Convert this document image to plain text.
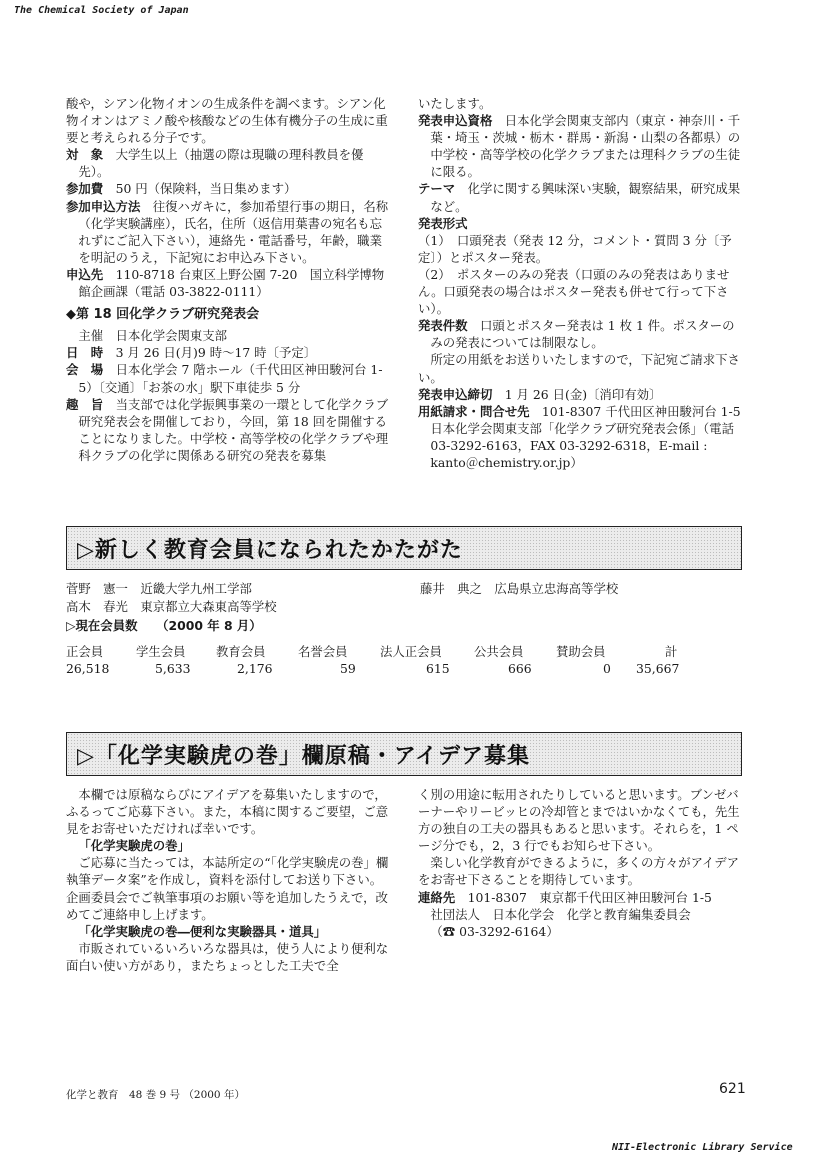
The Chemical Society of Japan

酸や，シアン化物イオンの生成条件を調べます。シアン化物イオンはアミノ酸や核酸などの生体有機分子の生成に重要と考えられる分子です。

対　象　 大学生以上（抽選の際は現職の理科教員を優先）。

参加費　 50 円（保険料，当日集めます）

参加申込方法　 往復ハガキに，参加希望行事の期日，名称（化学実験講座），氏名，住所（返信用葉書の宛名も忘れずにご記入下さい），連絡先・電話番号，年齢，職業を明記のうえ，下記宛にお申込み下さい。

申込先　 110-8718 台東区上野公園 7-20　国立科学博物館企画課（電話 03-3822-0111）

◆第 18 回化学クラブ研究発表会

主催　日本化学会関東支部

日　時　 3 月 26 日(月)9 時～17 時〔予定〕

会　場　 日本化学会 7 階ホール（千代田区神田駿河台 1-5）〔交通〕「お茶の水」駅下車徒歩 5 分

趣　旨　 当支部では化学振興事業の一環として化学クラブ研究発表会を開催しており，今回，第 18 回を開催することになりました。中学校・高等学校の化学クラブや理科クラブの化学に関係ある研究の発表を募集

いたします。

発表申込資格　 日本化学会関東支部内（東京・神奈川・千葉・埼玉・茨城・栃木・群馬・新潟・山梨の各都県）の中学校・高等学校の化学クラブまたは理科クラブの生徒に限る。

テーマ　 化学に関する興味深い実験，観察結果，研究成果など。

発表形式

（1）　口頭発表（発表 12 分，コメント・質問 3 分〔予定〕）とポスター発表。

（2）　ポスターのみの発表（口頭のみの発表はありません。口頭発表の場合はポスター発表も併せて行って下さい）。

発表件数　 口頭とポスター発表は 1 枚 1 件。ポスターのみの発表については制限なし。

所定の用紙をお送りいたしますので，下記宛ご請求下さい。

発表申込締切　 1 月 26 日(金)〔消印有効〕

用紙請求・問合せ先　 101-8307 千代田区神田駿河台 1-5　日本化学会関東支部「化学クラブ研究発表会係」（電話 03-3292-6163，FAX 03-3292-6318，E-mail : kanto＠chemistry.or.jp）

▷新しく教育会員になられたかたがた
菅野　憲一　 近畿大学九州工学部
高木　春光　 東京都立大森東高等学校
藤井　典之　 広島県立忠海高等学校
▷現在会員数　　 （2000 年 8 月）
正会員	学生会員 教育会員	名誉会員	法人正会員	公共会員	賛助会員	計
26,518	5,633	2,176	59	615	666	0 35,667
▷「化学実験虎の巻」欄原稿・アイデア募集

本欄では原稿ならびにアイデアを募集いたしますので，ふるってご応募下さい。また，本稿に関するご要望，ご意見をお寄せいただければ幸いです。

「化学実験虎の巻」

ご応募に当たっては，本誌所定の“「化学実験虎の巻」欄執筆データ案”を作成し，資料を添付してお送り下さい。企画委員会でご執筆事項のお願い等を追加したうえで，改めてご連絡申し上げます。

「化学実験虎の巻―便利な実験器具・道具」

市販されているいろいろな器具は，使う人により便利な面白い使い方があり，またちょっとした工夫で全

く別の用途に転用されたりしていると思います。ブンゼバーナーやリービッヒの冷却管とまではいかなくても，先生方の独自の工夫の器具もあると思います。それらを，1 ページ分でも，2，3 行でもお知らせ下さい。

楽しい化学教育ができるように，多くの方々がアイデアをお寄せ下さることを期待しています。

連絡先　 101-8307　東京都千代田区神田駿河台 1-5

社団法人　日本化学会　化学と教育編集委員会

（☎ 03-3292-6164）

化学と教育　48 巻 9 号 （2000 年）	621
NII-Electronic Library Service
